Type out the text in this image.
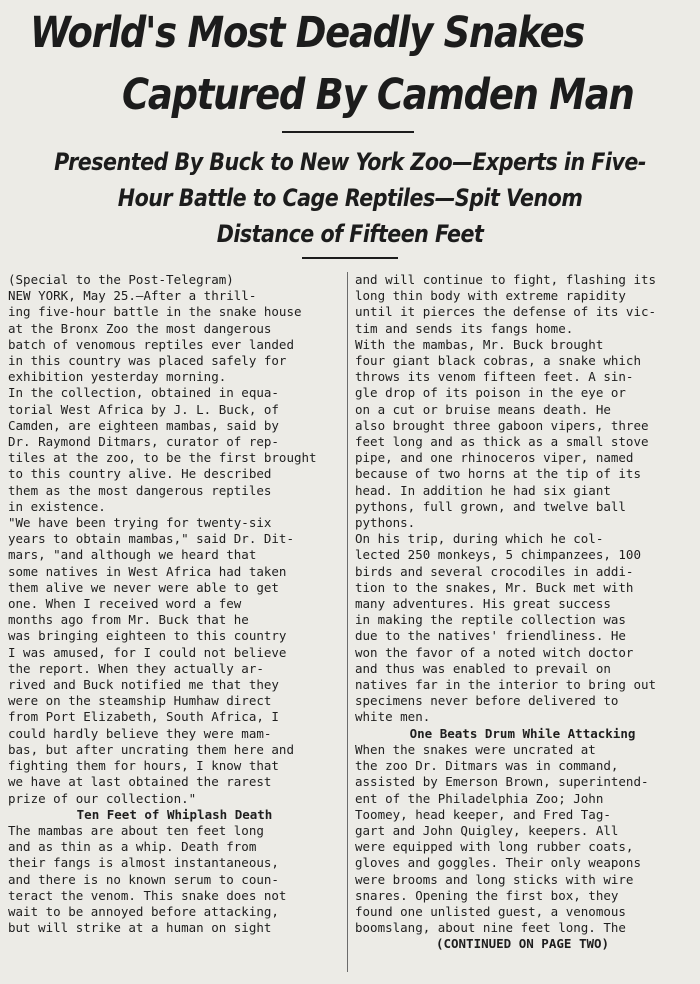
World's Most Deadly Snakes
Captured By Camden Man
Presented By Buck to New York Zoo—Experts in Five-
Hour Battle to Cage Reptiles—Spit Venom
Distance of Fifteen Feet

(Special to the Post-Telegram)

NEW YORK, May 25.—After a thrill-

ing five-hour battle in the snake house

at the Bronx Zoo the most dangerous

batch of venomous reptiles ever landed

in this country was placed safely for

exhibition yesterday morning.

In the collection, obtained in equa-

torial West Africa by J. L. Buck, of

Camden, are eighteen mambas, said by

Dr. Raymond Ditmars, curator of rep-

tiles at the zoo, to be the first brought

to this country alive. He described

them as the most dangerous reptiles

in existence.

"We have been trying for twenty-six

years to obtain mambas," said Dr. Dit-

mars, "and although we heard that

some natives in West Africa had taken

them alive we never were able to get

one. When I received word a few

months ago from Mr. Buck that he

was bringing eighteen to this country

I was amused, for I could not believe

the report. When they actually ar-

rived and Buck notified me that they

were on the steamship Humhaw direct

from Port Elizabeth, South Africa, I

could hardly believe they were mam-

bas, but after uncrating them here and

fighting them for hours, I know that

we have at last obtained the rarest

prize of our collection."

Ten Feet of Whiplash Death

The mambas are about ten feet long

and as thin as a whip. Death from

their fangs is almost instantaneous,

and there is no known serum to coun-

teract the venom. This snake does not

wait to be annoyed before attacking,

but will strike at a human on sight

and will continue to fight, flashing its

long thin body with extreme rapidity

until it pierces the defense of its vic-

tim and sends its fangs home.

With the mambas, Mr. Buck brought

four giant black cobras, a snake which

throws its venom fifteen feet. A sin-

gle drop of its poison in the eye or

on a cut or bruise means death. He

also brought three gaboon vipers, three

feet long and as thick as a small stove

pipe, and one rhinoceros viper, named

because of two horns at the tip of its

head. In addition he had six giant

pythons, full grown, and twelve ball

pythons.

On his trip, during which he col-

lected 250 monkeys, 5 chimpanzees, 100

birds and several crocodiles in addi-

tion to the snakes, Mr. Buck met with

many adventures. His great success

in making the reptile collection was

due to the natives' friendliness. He

won the favor of a noted witch doctor

and thus was enabled to prevail on

natives far in the interior to bring out

specimens never before delivered to

white men.

One Beats Drum While Attacking

When the snakes were uncrated at

the zoo Dr. Ditmars was in command,

assisted by Emerson Brown, superintend-

ent of the Philadelphia Zoo; John

Toomey, head keeper, and Fred Tag-

gart and John Quigley, keepers. All

were equipped with long rubber coats,

gloves and goggles. Their only weapons

were brooms and long sticks with wire

snares. Opening the first box, they

found one unlisted guest, a venomous

boomslang, about nine feet long. The

(CONTINUED ON PAGE TWO)
